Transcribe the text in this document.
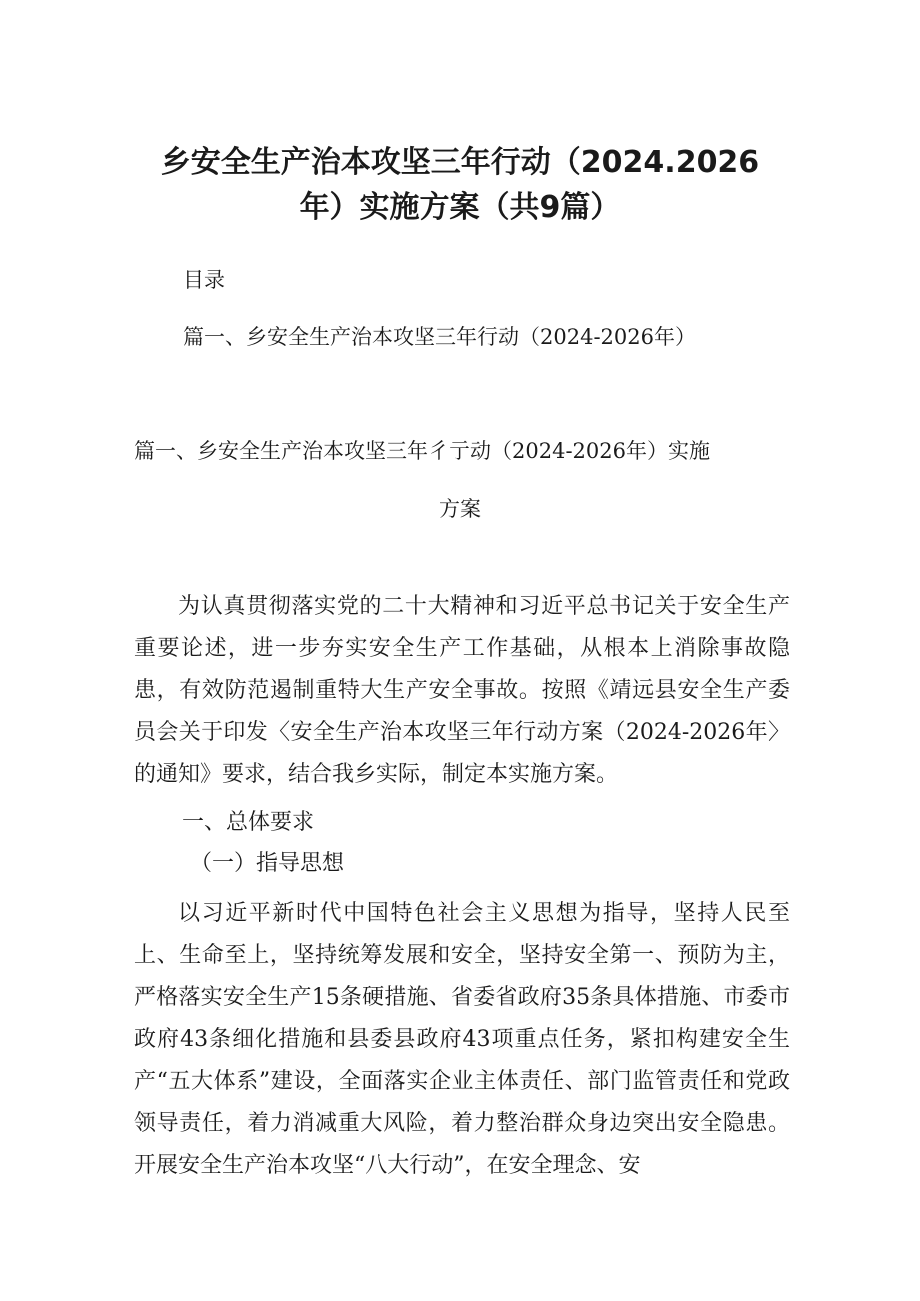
乡安全生产治本攻坚三年行动（2024.2026
年）实施方案（共9篇）
目录
篇一、乡安全生产治本攻坚三年行动（2024-2026年）
篇一、乡安全生产治本攻坚三年彳亍动（2024-2026年）实施
方案

为认真贯彻落实党的二十大精神和习近平总书记关于安全生产重要论述，进一步夯实安全生产工作基础，从根本上消除事故隐患，有效防范遏制重特大生产安全事故。按照《靖远县安全生产委员会关于印发〈安全生产治本攻坚三年行动方案（2024-2026年〉的通知》要求，结合我乡实际，制定本实施方案。

一、总体要求
（一）指导思想

以习近平新时代中国特色社会主义思想为指导，坚持人民至上、生命至上，坚持统筹发展和安全，坚持安全第一、预防为主，严格落实安全生产15条硬措施、省委省政府35条具体措施、市委市政府43条细化措施和县委县政府43项重点任务，紧扣构建安全生产“五大体系”建设，全面落实企业主体责任、部门监管责任和党政领导责任，着力消减重大风险，着力整治群众身边突出安全隐患。开展安全生产治本攻坚“八大行动”，在安全理念、安
